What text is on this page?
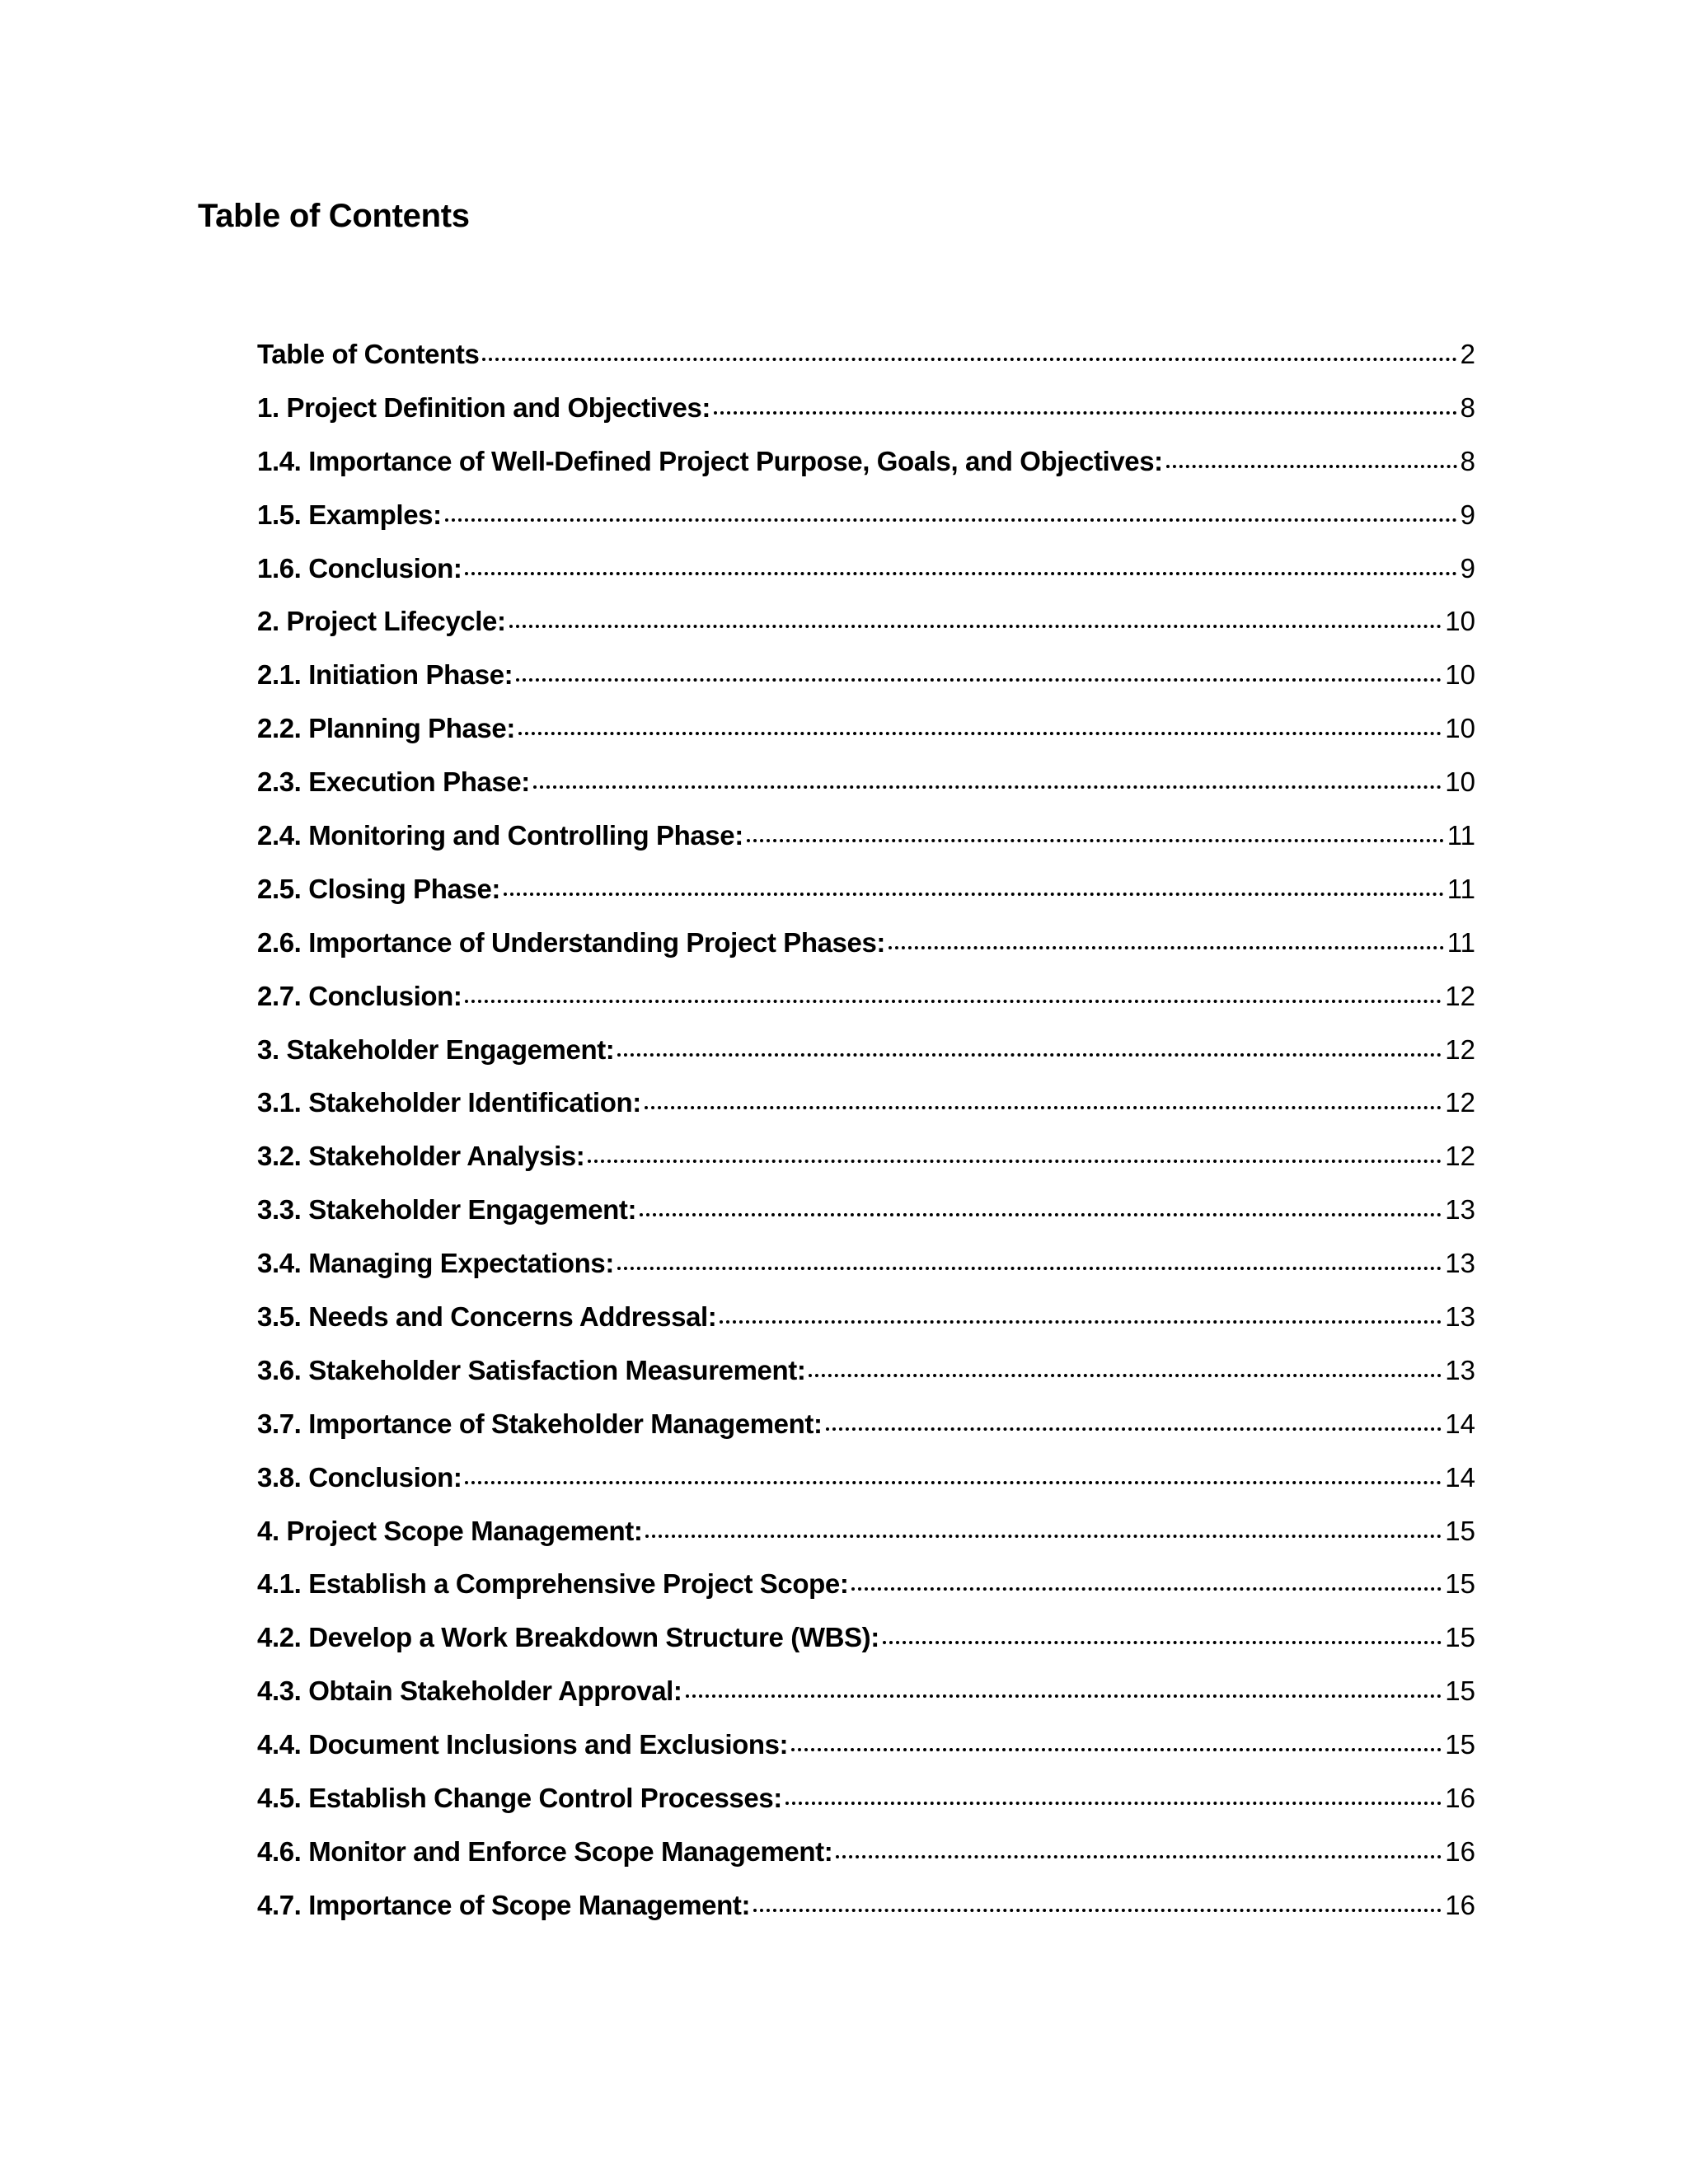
Table of Contents
Table of Contents	2
1. Project Definition and Objectives:	8
1.4. Importance of Well-Defined Project Purpose, Goals, and Objectives:	8
1.5. Examples:	9
1.6. Conclusion:	9
2. Project Lifecycle:	10
2.1. Initiation Phase:	10
2.2. Planning Phase:	10
2.3. Execution Phase:	10
2.4. Monitoring and Controlling Phase:	11
2.5. Closing Phase:	11
2.6. Importance of Understanding Project Phases:	11
2.7. Conclusion:	12
3. Stakeholder Engagement:	12
3.1. Stakeholder Identification:	12
3.2. Stakeholder Analysis:	12
3.3. Stakeholder Engagement:	13
3.4. Managing Expectations:	13
3.5. Needs and Concerns Addressal:	13
3.6. Stakeholder Satisfaction Measurement:	13
3.7. Importance of Stakeholder Management:	14
3.8. Conclusion:	14
4. Project Scope Management:	15
4.1. Establish a Comprehensive Project Scope:	15
4.2. Develop a Work Breakdown Structure (WBS):	15
4.3. Obtain Stakeholder Approval:	15
4.4. Document Inclusions and Exclusions:	15
4.5. Establish Change Control Processes:	16
4.6. Monitor and Enforce Scope Management:	16
4.7. Importance of Scope Management:	16
